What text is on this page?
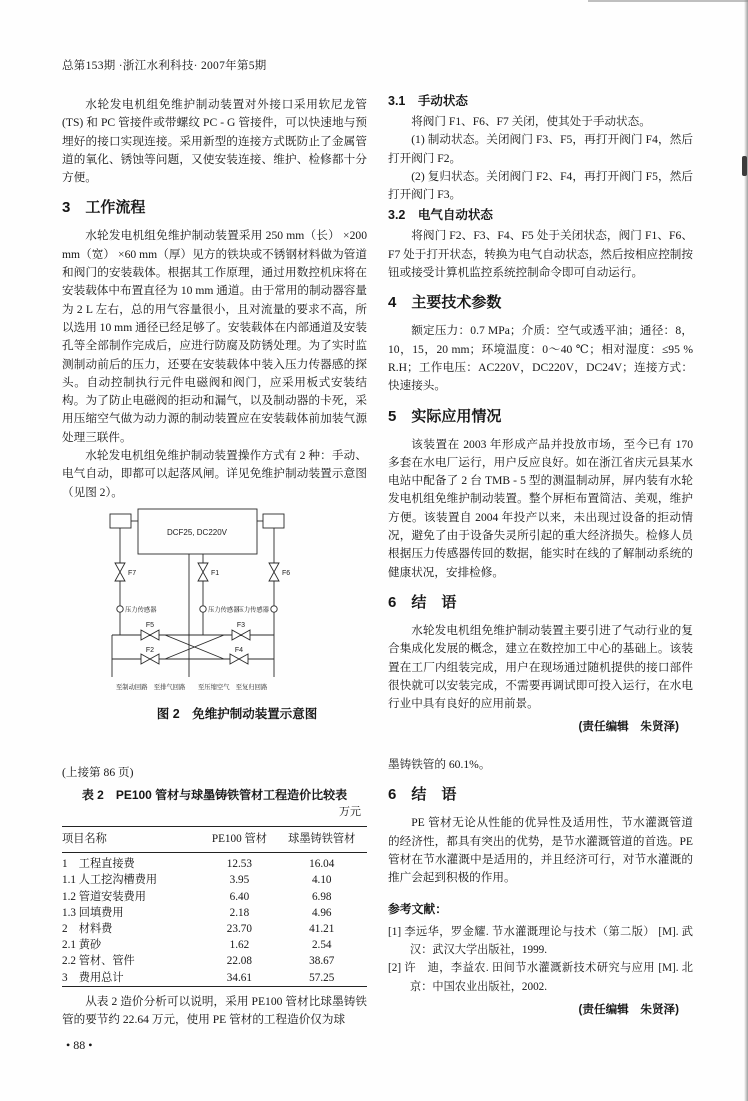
总第153期 ·浙江水利科技· 2007年第5期

水轮发电机组免维护制动装置对外接口采用软尼龙管(TS) 和 PC 管接件或带螺纹 PC - G 管接件，可以快速地与预埋好的接口实现连接。采用新型的连接方式既防止了金属管道的氧化、锈蚀等问题，又使安装连接、维护、检修都十分方便。

3　工作流程

水轮发电机组免维护制动装置采用 250 mm（长） ×200 mm（宽） ×60 mm（厚）见方的铁块或不锈钢材料做为管道和阀门的安装载体。根据其工作原理，通过用数控机床将在安装载体中布置直径为 10 mm 通道。由于常用的制动器容量为 2 L 左右，总的用气容量很小，且对流量的要求不高，所以选用 10 mm 通径已经足够了。安装载体在内部通道及安装孔等全部制作完成后，应进行防腐及防锈处理。为了实时监测制动前后的压力，还要在安装载体中装入压力传器感的探头。自动控制执行元件电磁阀和阀门，应采用板式安装结构。为了防止电磁阀的拒动和漏气，以及制动器的卡死，采用压缩空气做为动力源的制动装置应在安装载体前加装气源处理三联件。

水轮发电机组免维护制动装置操作方式有 2 种：手动、电气自动，即都可以起落风闸。详见免维护制动装置示意图（见图 2）。

DCF25, DC220V
F7	F1	F6
F5	F3
F2	F4
压力传感器	压力传感器
压力传感器
至制动回路　至排气回路 至压缩空气　至复归回路
图 2　免维护制动装置示意图
(上接第 86 页)
表 2　PE100 管材与球墨铸铁管材工程造价比较表
万元
项目名称	PE100 管材	球墨铸铁管材
1　工程直接费	12.53	16.04
1.1 人工挖沟槽费用	3.95	4.10
1.2 管道安装费用	6.40	6.98
1.3 回填费用	2.18	4.96
2　材料费	23.70	41.21
2.1 黄砂	1.62	2.54
2.2 管材、管件	22.08	38.67
3　费用总计	34.61	57.25

从表 2 造价分析可以说明，采用 PE100 管材比球墨铸铁管的要节约 22.64 万元，使用 PE 管材的工程造价仅为球

• 88 •
3.1　手动状态

将阀门 F1、F6、F7 关闭，使其处于手动状态。

(1) 制动状态。关闭阀门 F3、F5，再打开阀门 F4，然后打开阀门 F2。

(2) 复归状态。关闭阀门 F2、F4，再打开阀门 F5，然后打开阀门 F3。

3.2　电气自动状态

将阀门 F2、F3、F4、F5 处于关闭状态，阀门 F1、F6、F7 处于打开状态，转换为电气自动状态，然后按相应控制按钮或接受计算机监控系统控制命令即可自动运行。

4　主要技术参数

额定压力：0.7 MPa；介质：空气或透平油；通径：8，10，15，20 mm；环境温度：0～40 ℃；相对湿度：≤95 % R.H；工作电压：AC220V，DC220V，DC24V；连接方式：快速接头。

5　实际应用情况

该装置在 2003 年形成产品并投放市场，至今已有 170 多套在水电厂运行，用户反应良好。如在浙江省庆元县某水电站中配备了 2 台 TMB - 5 型的测温制动屏，屏内装有水轮发电机组免维护制动装置。整个屏柜布置简洁、美观，维护方便。该装置自 2004 年投产以来，未出现过设备的拒动情况，避免了由于设备失灵所引起的重大经济损失。检修人员根据压力传感器传回的数据，能实时在线的了解制动系统的健康状况，安排检修。

6　结　语

水轮发电机组免维护制动装置主要引进了气动行业的复合集成化发展的概念，建立在数控加工中心的基础上。该装置在工厂内组装完成，用户在现场通过随机提供的接口部件很快就可以安装完成，不需要再调试即可投入运行，在水电行业中具有良好的应用前景。

(责任编辑　朱贤泽)

墨铸铁管的 60.1%。

6　结　语

PE 管材无论从性能的优异性及适用性，节水灌溉管道的经济性，都具有突出的优势，是节水灌溉管道的首选。PE 管材在节水灌溉中是适用的，并且经济可行，对节水灌溉的推广会起到积极的作用。

参考文献：

[1] 李远华，罗金耀. 节水灌溉理论与技术（第二版） [M]. 武汉：武汉大学出版社，1999.

[2] 许　迪，李益农. 田间节水灌溉新技术研究与应用 [M]. 北京：中国农业出版社，2002.

(责任编辑　朱贤泽)
